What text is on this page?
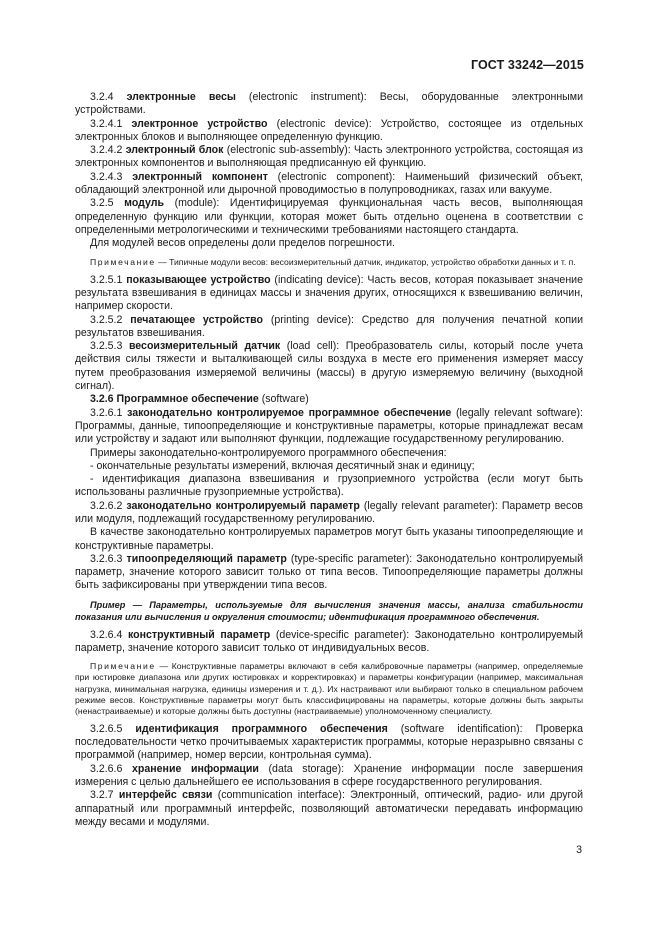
ГОСТ 33242—2015

3.2.4 электронные весы (electronic instrument): Весы, оборудованные электронными устройствами.

3.2.4.1 электронное устройство (electronic device): Устройство, состоящее из отдельных электронных блоков и выполняющее определенную функцию.

3.2.4.2 электронный блок (electronic sub-assembly): Часть электронного устройства, состоящая из электронных компонентов и выполняющая предписанную ей функцию.

3.2.4.3 электронный компонент (electronic component): Наименьший физический объект, обладающий электронной или дырочной проводимостью в полупроводниках, газах или вакууме.

3.2.5 модуль (module): Идентифицируемая функциональная часть весов, выполняющая определенную функцию или функции, которая может быть отдельно оценена в соответствии с определенными метрологическими и техническими требованиями настоящего стандарта.

Для модулей весов определены доли пределов погрешности.

Примечание — Типичные модули весов: весоизмерительный датчик, индикатор, устройство обработки данных и т. п.

3.2.5.1 показывающее устройство (indicating device): Часть весов, которая показывает значение результата взвешивания в единицах массы и значения других, относящихся к взвешиванию величин, например скорости.

3.2.5.2 печатающее устройство (printing device): Средство для получения печатной копии результатов взвешивания.

3.2.5.3 весоизмерительный датчик (load cell): Преобразователь силы, который после учета действия силы тяжести и выталкивающей силы воздуха в месте его применения измеряет массу путем преобразования измеряемой величины (массы) в другую измеряемую величину (выходной сигнал).

3.2.6 Программное обеспечение (software)

3.2.6.1 законодательно контролируемое программное обеспечение (legally relevant software): Программы, данные, типоопределяющие и конструктивные параметры, которые принадлежат весам или устройству и задают или выполняют функции, подлежащие государственному регулированию.

Примеры законодательно-контролируемого программного обеспечения:

- окончательные результаты измерений, включая десятичный знак и единицу;

- идентификация диапазона взвешивания и грузоприемного устройства (если могут быть использованы различные грузоприемные устройства).

3.2.6.2 законодательно контролируемый параметр (legally relevant parameter): Параметр весов или модуля, подлежащий государственному регулированию.

В качестве законодательно контролируемых параметров могут быть указаны типоопределяющие и конструктивные параметры.

3.2.6.3 типоопределяющий параметр (type-specific parameter): Законодательно контролируемый параметр, значение которого зависит только от типа весов. Типоопределяющие параметры должны быть зафиксированы при утверждении типа весов.

Пример — Параметры, используемые для вычисления значения массы, анализа стабильности показания или вычисления и округления стоимости; идентификация программного обеспечения.

3.2.6.4 конструктивный параметр (device-specific parameter): Законодательно контролируемый параметр, значение которого зависит только от индивидуальных весов.

Примечание — Конструктивные параметры включают в себя калибровочные параметры (например, определяемые при юстировке диапазона или других юстировках и корректировках) и параметры конфигурации (например, максимальная нагрузка, минимальная нагрузка, единицы измерения и т. д.). Их настраивают или выбирают только в специальном рабочем режиме весов. Конструктивные параметры могут быть классифицированы на параметры, которые должны быть закрыты (ненастраиваемые) и которые должны быть доступны (настраиваемые) уполномоченному специалисту.

3.2.6.5 идентификация программного обеспечения (software identification): Проверка последовательности четко прочитываемых характеристик программы, которые неразрывно связаны с программой (например, номер версии, контрольная сумма).

3.2.6.6 хранение информации (data storage): Хранение информации после завершения измерения с целью дальнейшего ее использования в сфере государственного регулирования.

3.2.7 интерфейс связи (communication interface): Электронный, оптический, радио- или другой аппаратный или программный интерфейс, позволяющий автоматически передавать информацию между весами и модулями.

3
